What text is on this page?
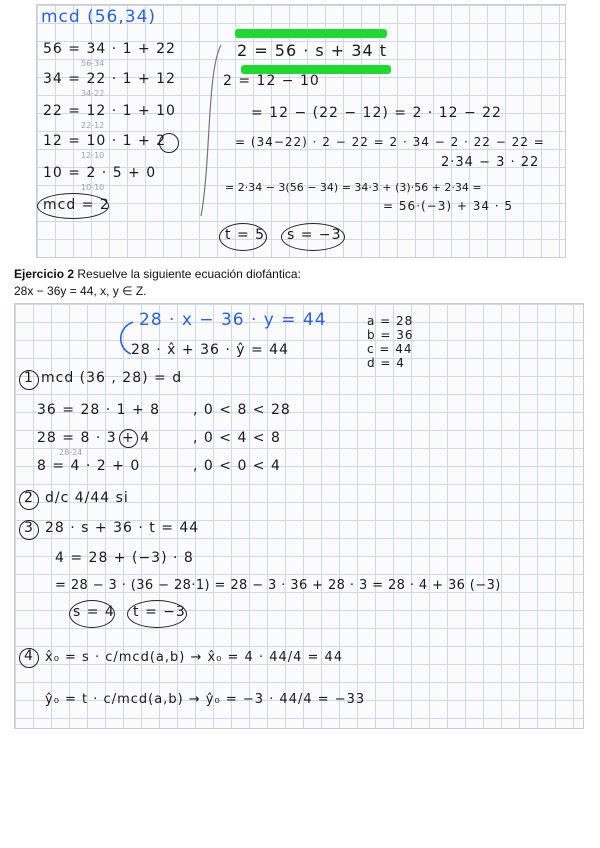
mcd (56,34)
56 = 34 · 1 + 22
56-34
34 = 22 · 1 + 12
34-22
22 = 12 · 1 + 10
22-12
12 = 10 · 1 + 2
12-10
10 = 2 · 5 + 0
10-10
mcd = 2
2 = 56 · s + 34 t
2 = 12 − 10
= 12 − (22 − 12) = 2 · 12 − 22
= (34−22) · 2 − 22 = 2 · 34 − 2 · 22 − 22 =
2·34 − 3 · 22
= 2·34 − 3(56 − 34) = 34·3 + (3)·56 + 2·34 =
= 56·(−3) + 34 · 5
t = 5 s = −3
Ejercicio 2 Resuelve la siguiente ecuación diofántica:
28x − 36y = 44, x, y ∈ Z.
28 · x − 36 · y = 44
28 · x̂ + 36 · ŷ = 44
a = 28
b = 36
c = 44
d = 4
1 mcd (36 , 28) = d
36 = 28 · 1 + 8 , 0 < 8 < 28
28 = 8 · 3 + 4	, 0 < 4 < 8
28-24
8 = 4 · 2 + 0	, 0 < 0 < 4
2 d/c 4/44 si
3 28 · s + 36 · t = 44
4 = 28 + (−3) · 8
= 28 − 3 · (36 − 28·1) = 28 − 3 · 36 + 28 · 3 = 28 · 4 + 36 (−3)
s = 4 t = −3
4 x̂₀ = s · c/mcd(a,b) → x̂₀ = 4 · 44/4 = 44
ŷ₀ = t · c/mcd(a,b) → ŷ₀ = −3 · 44/4 = −33
